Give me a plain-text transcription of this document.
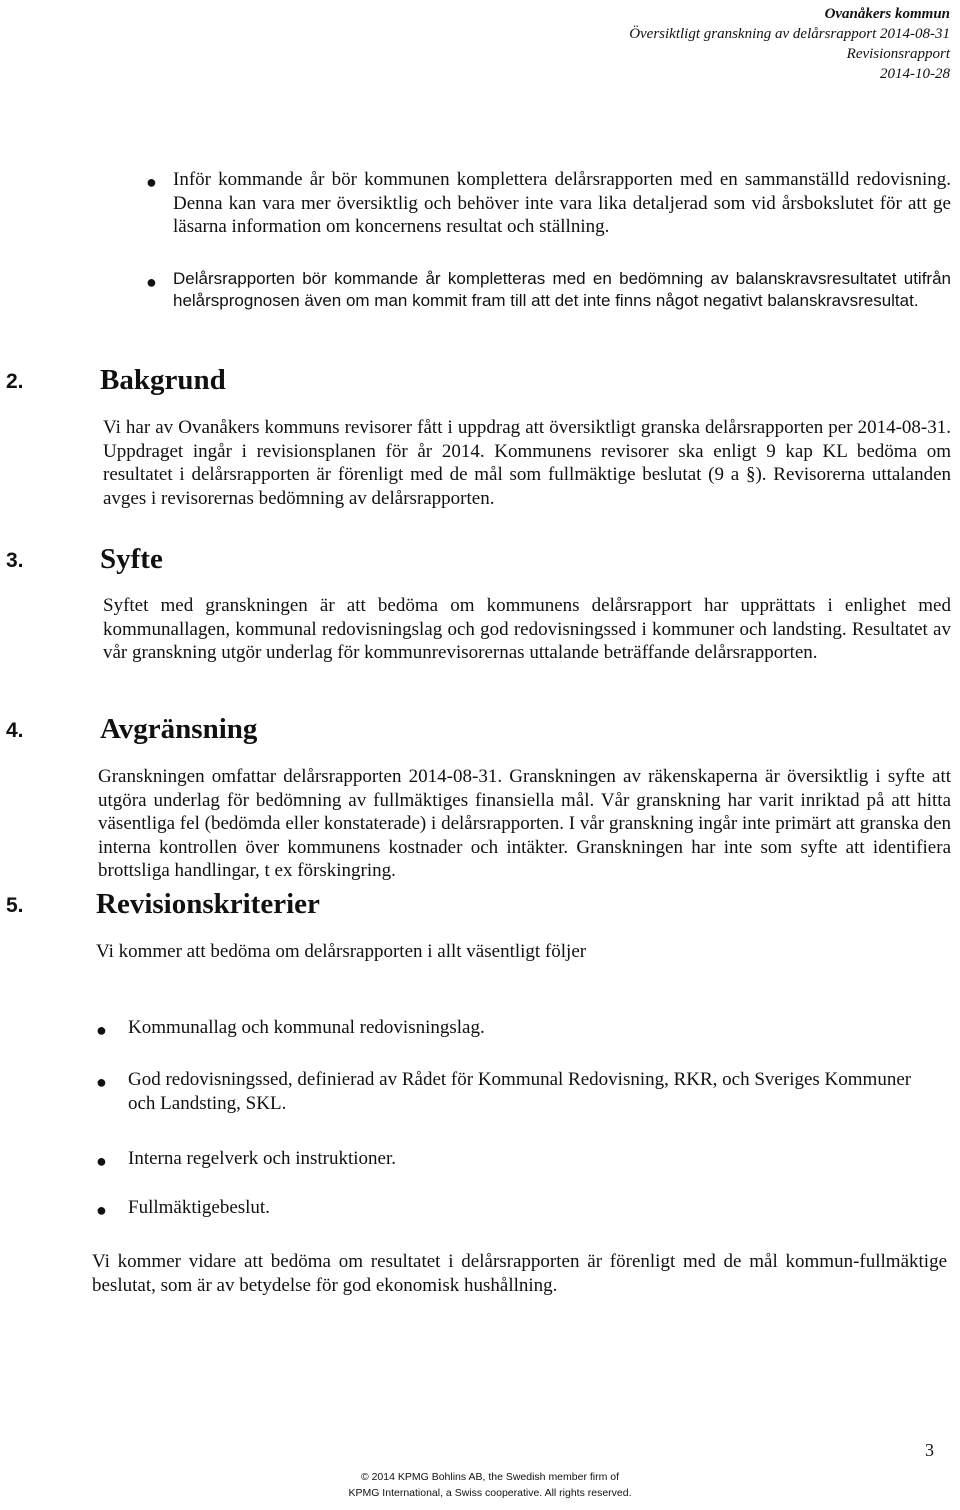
Ovanåkers kommun
Översiktligt granskning av delårsrapport 2014-08-31
Revisionsrapport
2014-10-28
● Inför kommande år bör kommunen komplettera delårsrapporten med en sammanställd redovisning. Denna kan vara mer översiktlig och behöver inte vara lika detaljerad som vid årsbokslutet för att ge läsarna information om koncernens resultat och ställning.
● Delårsrapporten bör kommande år kompletteras med en bedömning av balanskravsresultatet utifrån helårsprognosen även om man kommit fram till att det inte finns något negativt balanskravsresultat.
2.	Bakgrund
Vi har av Ovanåkers kommuns revisorer fått i uppdrag att översiktligt granska delårsrapporten per 2014-08-31. Uppdraget ingår i revisionsplanen för år 2014. Kommunens revisorer ska enligt 9 kap KL bedöma om resultatet i delårsrapporten är förenligt med de mål som fullmäktige beslutat (9 a §). Revisorerna uttalanden avges i revisorernas bedömning av delårsrapporten.
3.	Syfte
Syftet med granskningen är att bedöma om kommunens delårsrapport har upprättats i enlighet med kommunallagen, kommunal redovisningslag och god redovisningssed i kommuner och landsting. Resultatet av vår granskning utgör underlag för kommunrevisorernas uttalande beträffande delårsrapporten.
4.	Avgränsning
Granskningen omfattar delårsrapporten 2014-08-31. Granskningen av räkenskaperna är översiktlig i syfte att utgöra underlag för bedömning av fullmäktiges finansiella mål. Vår granskning har varit inriktad på att hitta väsentliga fel (bedömda eller konstaterade) i delårsrapporten. I vår granskning ingår inte primärt att granska den interna kontrollen över kommunens kostnader och intäkter. Granskningen har inte som syfte att identifiera brottsliga handlingar, t ex förskingring.
5. Revisionskriterier
Vi kommer att bedöma om delårsrapporten i allt väsentligt följer
● Kommunallag och kommunal redovisningslag.
● God redovisningssed, definierad av Rådet för Kommunal Redovisning, RKR, och Sveriges Kommuner och Landsting, SKL.
● Interna regelverk och instruktioner.
● Fullmäktigebeslut.
Vi kommer vidare att bedöma om resultatet i delårsrapporten är förenligt med de mål kommun-fullmäktige beslutat, som är av betydelse för god ekonomisk hushållning.
3
© 2014 KPMG Bohlins AB, the Swedish member firm of
KPMG International, a Swiss cooperative. All rights reserved.
